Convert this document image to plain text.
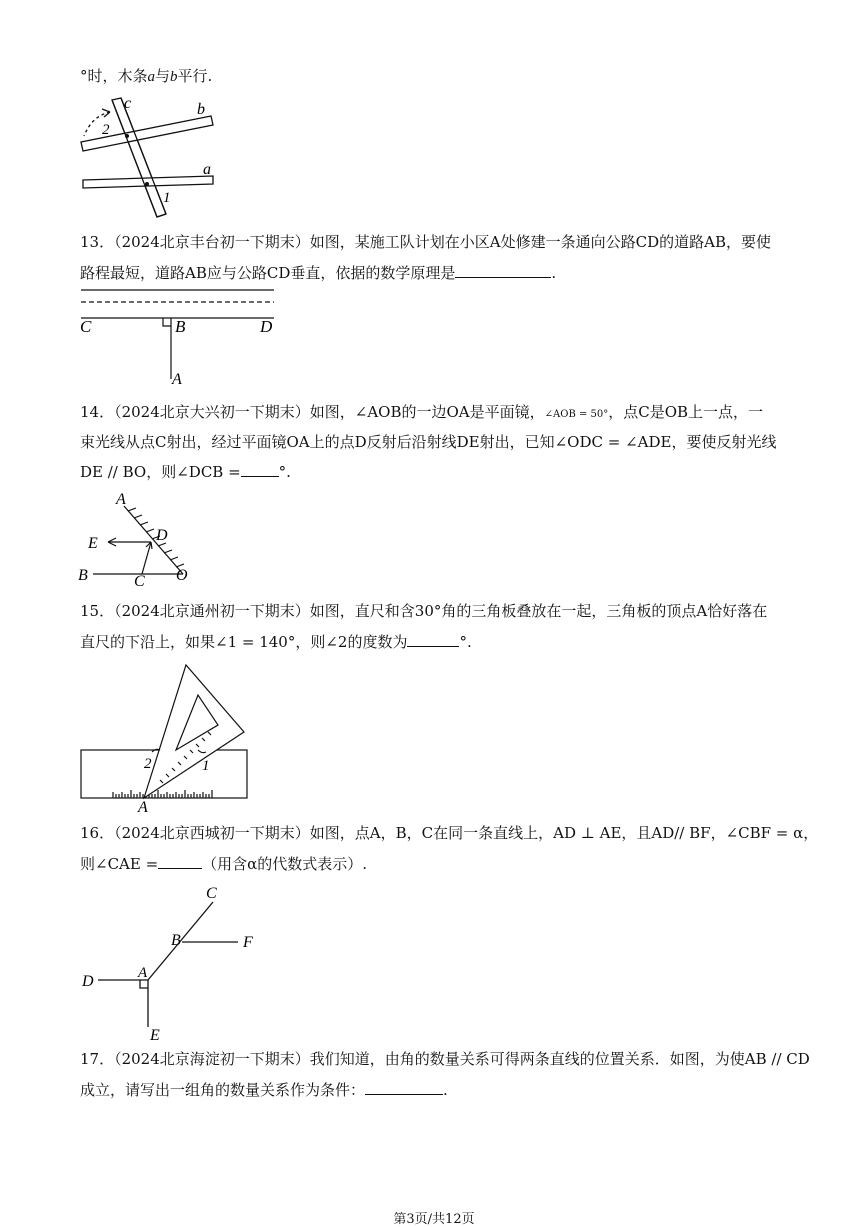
°时，木条a与b平行.
c	b
a
2
1
13．（2024北京丰台初一下期末）如图，某施工队计划在小区A处修建一条通向公路CD的道路AB，要使
路程最短，道路AB应与公路CD垂直，依据的数学原理是	.
C	B	D
A
14．（2024北京大兴初一下期末）如图，∠AOB的一边OA是平面镜，∠AOB = 50°，点C是OB上一点，一
束光线从点C射出，经过平面镜OA上的点D反射后沿射线DE射出，已知∠ODC = ∠ADE，要使反射光线
DE // BO，则∠DCB =	°.
A
D
E
B	C O
15．（2024北京通州初一下期末）如图，直尺和含30°角的三角板叠放在一起，三角板的顶点A恰好落在
直尺的下沿上，如果∠1 = 140°，则∠2的度数为	°.
2	1
A
16．（2024北京西城初一下期末）如图，点A，B，C在同一条直线上，AD ⊥ AE，且AD// BF，∠CBF = α，
则∠CAE =	（用含α的代数式表示）.
C
B	F
D	A
E
17．（2024北京海淀初一下期末）我们知道，由角的数量关系可得两条直线的位置关系．如图，为使AB // CD
成立，请写出一组角的数量关系作为条件：	.
第3页/共12页
